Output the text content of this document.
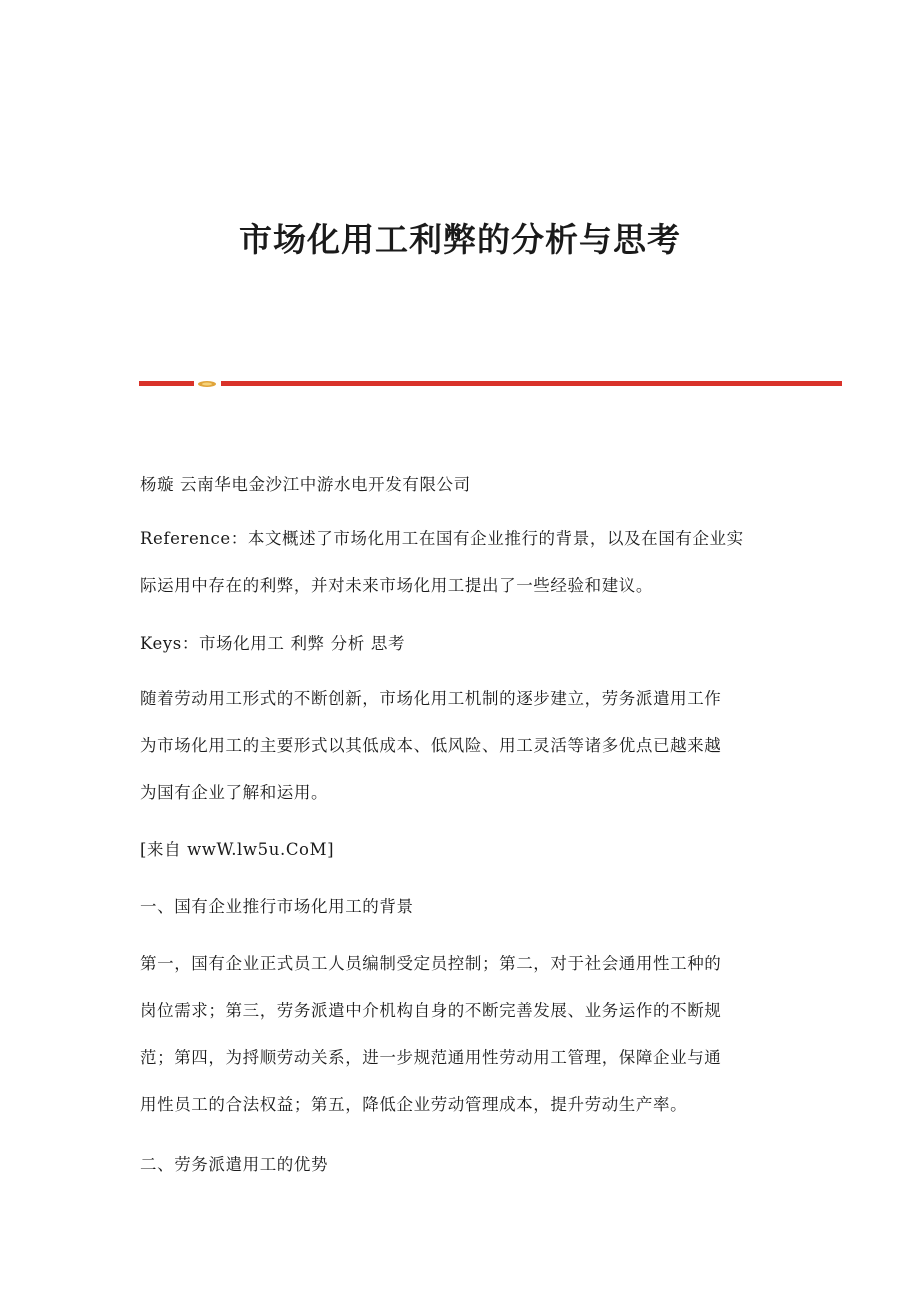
市场化用工利弊的分析与思考

杨璇 云南华电金沙江中游水电开发有限公司

Reference：本文概述了市场化用工在国有企业推行的背景，以及在国有企业实
际运用中存在的利弊，并对未来市场化用工提出了一些经验和建议。

Keys：市场化用工 利弊 分析 思考

随着劳动用工形式的不断创新，市场化用工机制的逐步建立，劳务派遣用工作
为市场化用工的主要形式以其低成本、低风险、用工灵活等诸多优点已越来越
为国有企业了解和运用。

[来自 wwW.lw5u.CoM]

一、国有企业推行市场化用工的背景

第一，国有企业正式员工人员编制受定员控制；第二，对于社会通用性工种的
岗位需求；第三，劳务派遣中介机构自身的不断完善发展、业务运作的不断规
范；第四，为捋顺劳动关系，进一步规范通用性劳动用工管理，保障企业与通
用性员工的合法权益；第五，降低企业劳动管理成本，提升劳动生产率。

二、劳务派遣用工的优势
